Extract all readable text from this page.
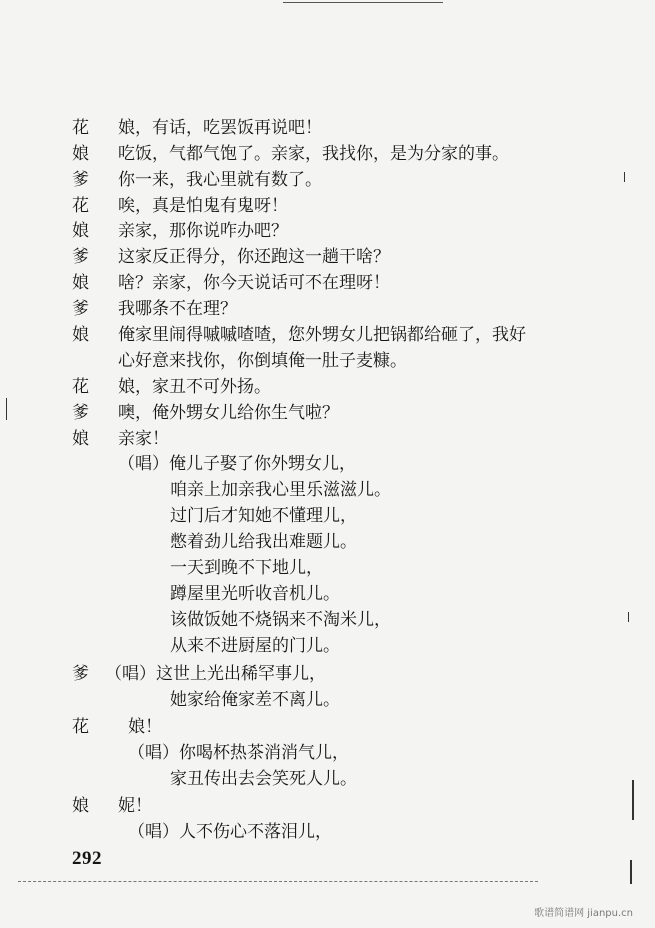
花 娘，有话，吃罢饭再说吧！
娘 吃饭，气都气饱了。亲家，我找你，是为分家的事。
爹 你一来，我心里就有数了。
花 唉，真是怕鬼有鬼呀！
娘 亲家，那你说咋办吧？
爹 这家反正得分，你还跑这一趟干啥？
娘 啥？亲家，你今天说话可不在理呀！
爹 我哪条不在理？
娘 俺家里闹得嘁嘁喳喳，您外甥女儿把锅都给砸了，我好
心好意来找你，你倒填俺一肚子麦糠。
花 娘，家丑不可外扬。
爹 噢，俺外甥女儿给你生气啦？
娘 亲家！
（唱）俺儿子娶了你外甥女儿，
咱亲上加亲我心里乐滋滋儿。
过门后才知她不懂理儿，
憋着劲儿给我出难题儿。
一天到晚不下地儿，
蹲屋里光听收音机儿。
该做饭她不烧锅来不淘米儿，
从来不进厨屋的门儿。
爹 （唱）这世上光出稀罕事儿，
她家给俺家差不离儿。
花 娘！
（唱）你喝杯热茶消消气儿，
家丑传出去会笑死人儿。
娘 妮！
（唱）人不伤心不落泪儿，
292
歌谱简谱网 jianpu.cn
